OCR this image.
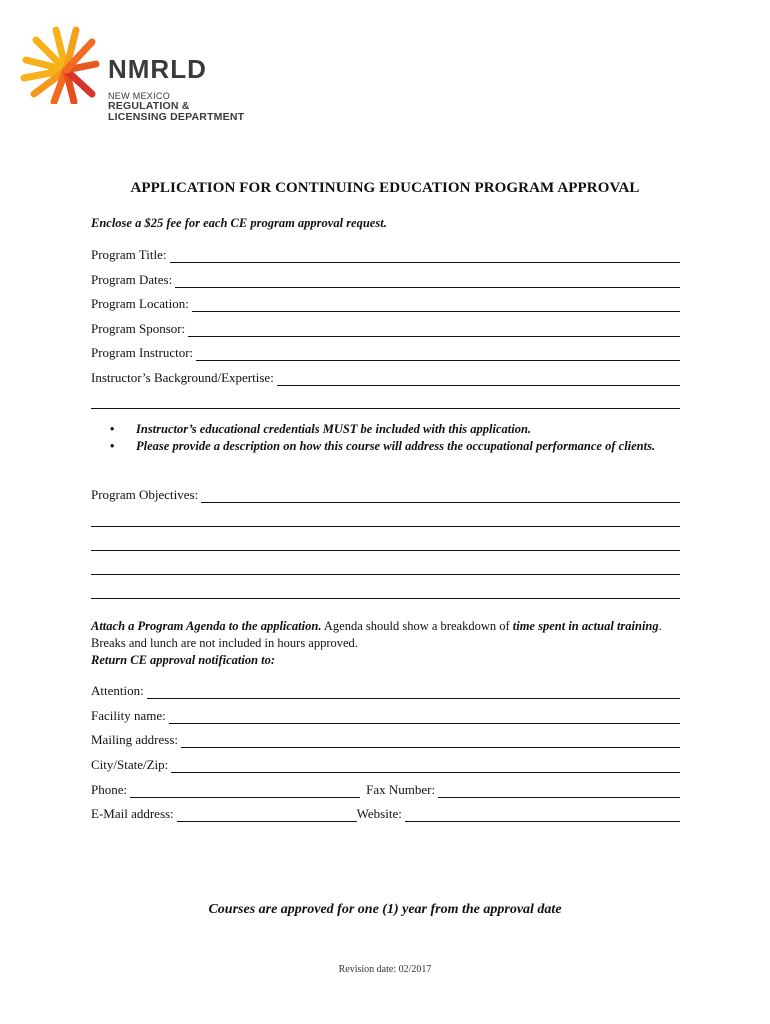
NMRLD
NEW MEXICO
REGULATION &
LICENSING DEPARTMENT
APPLICATION FOR CONTINUING EDUCATION PROGRAM APPROVAL
Enclose a $25 fee for each CE program approval request.
Program Title:
Program Dates:
Program Location:
Program Sponsor:
Program Instructor:
Instructor’s Background/Expertise:
•	Instructor’s educational credentials MUST be included with this application.
•	Please provide a description on how this course will address the occupational performance of clients.
Program Objectives:
Attach a Program Agenda to the application. Agenda should show a breakdown of time spent in actual training. Breaks and lunch are not included in hours approved.
Return CE approval notification to:
Attention:
Facility name:
Mailing address:
City/State/Zip:
Phone:	Fax Number:
E-Mail address:	Website:
Courses are approved for one (1) year from the approval date
Revision date: 02/2017
